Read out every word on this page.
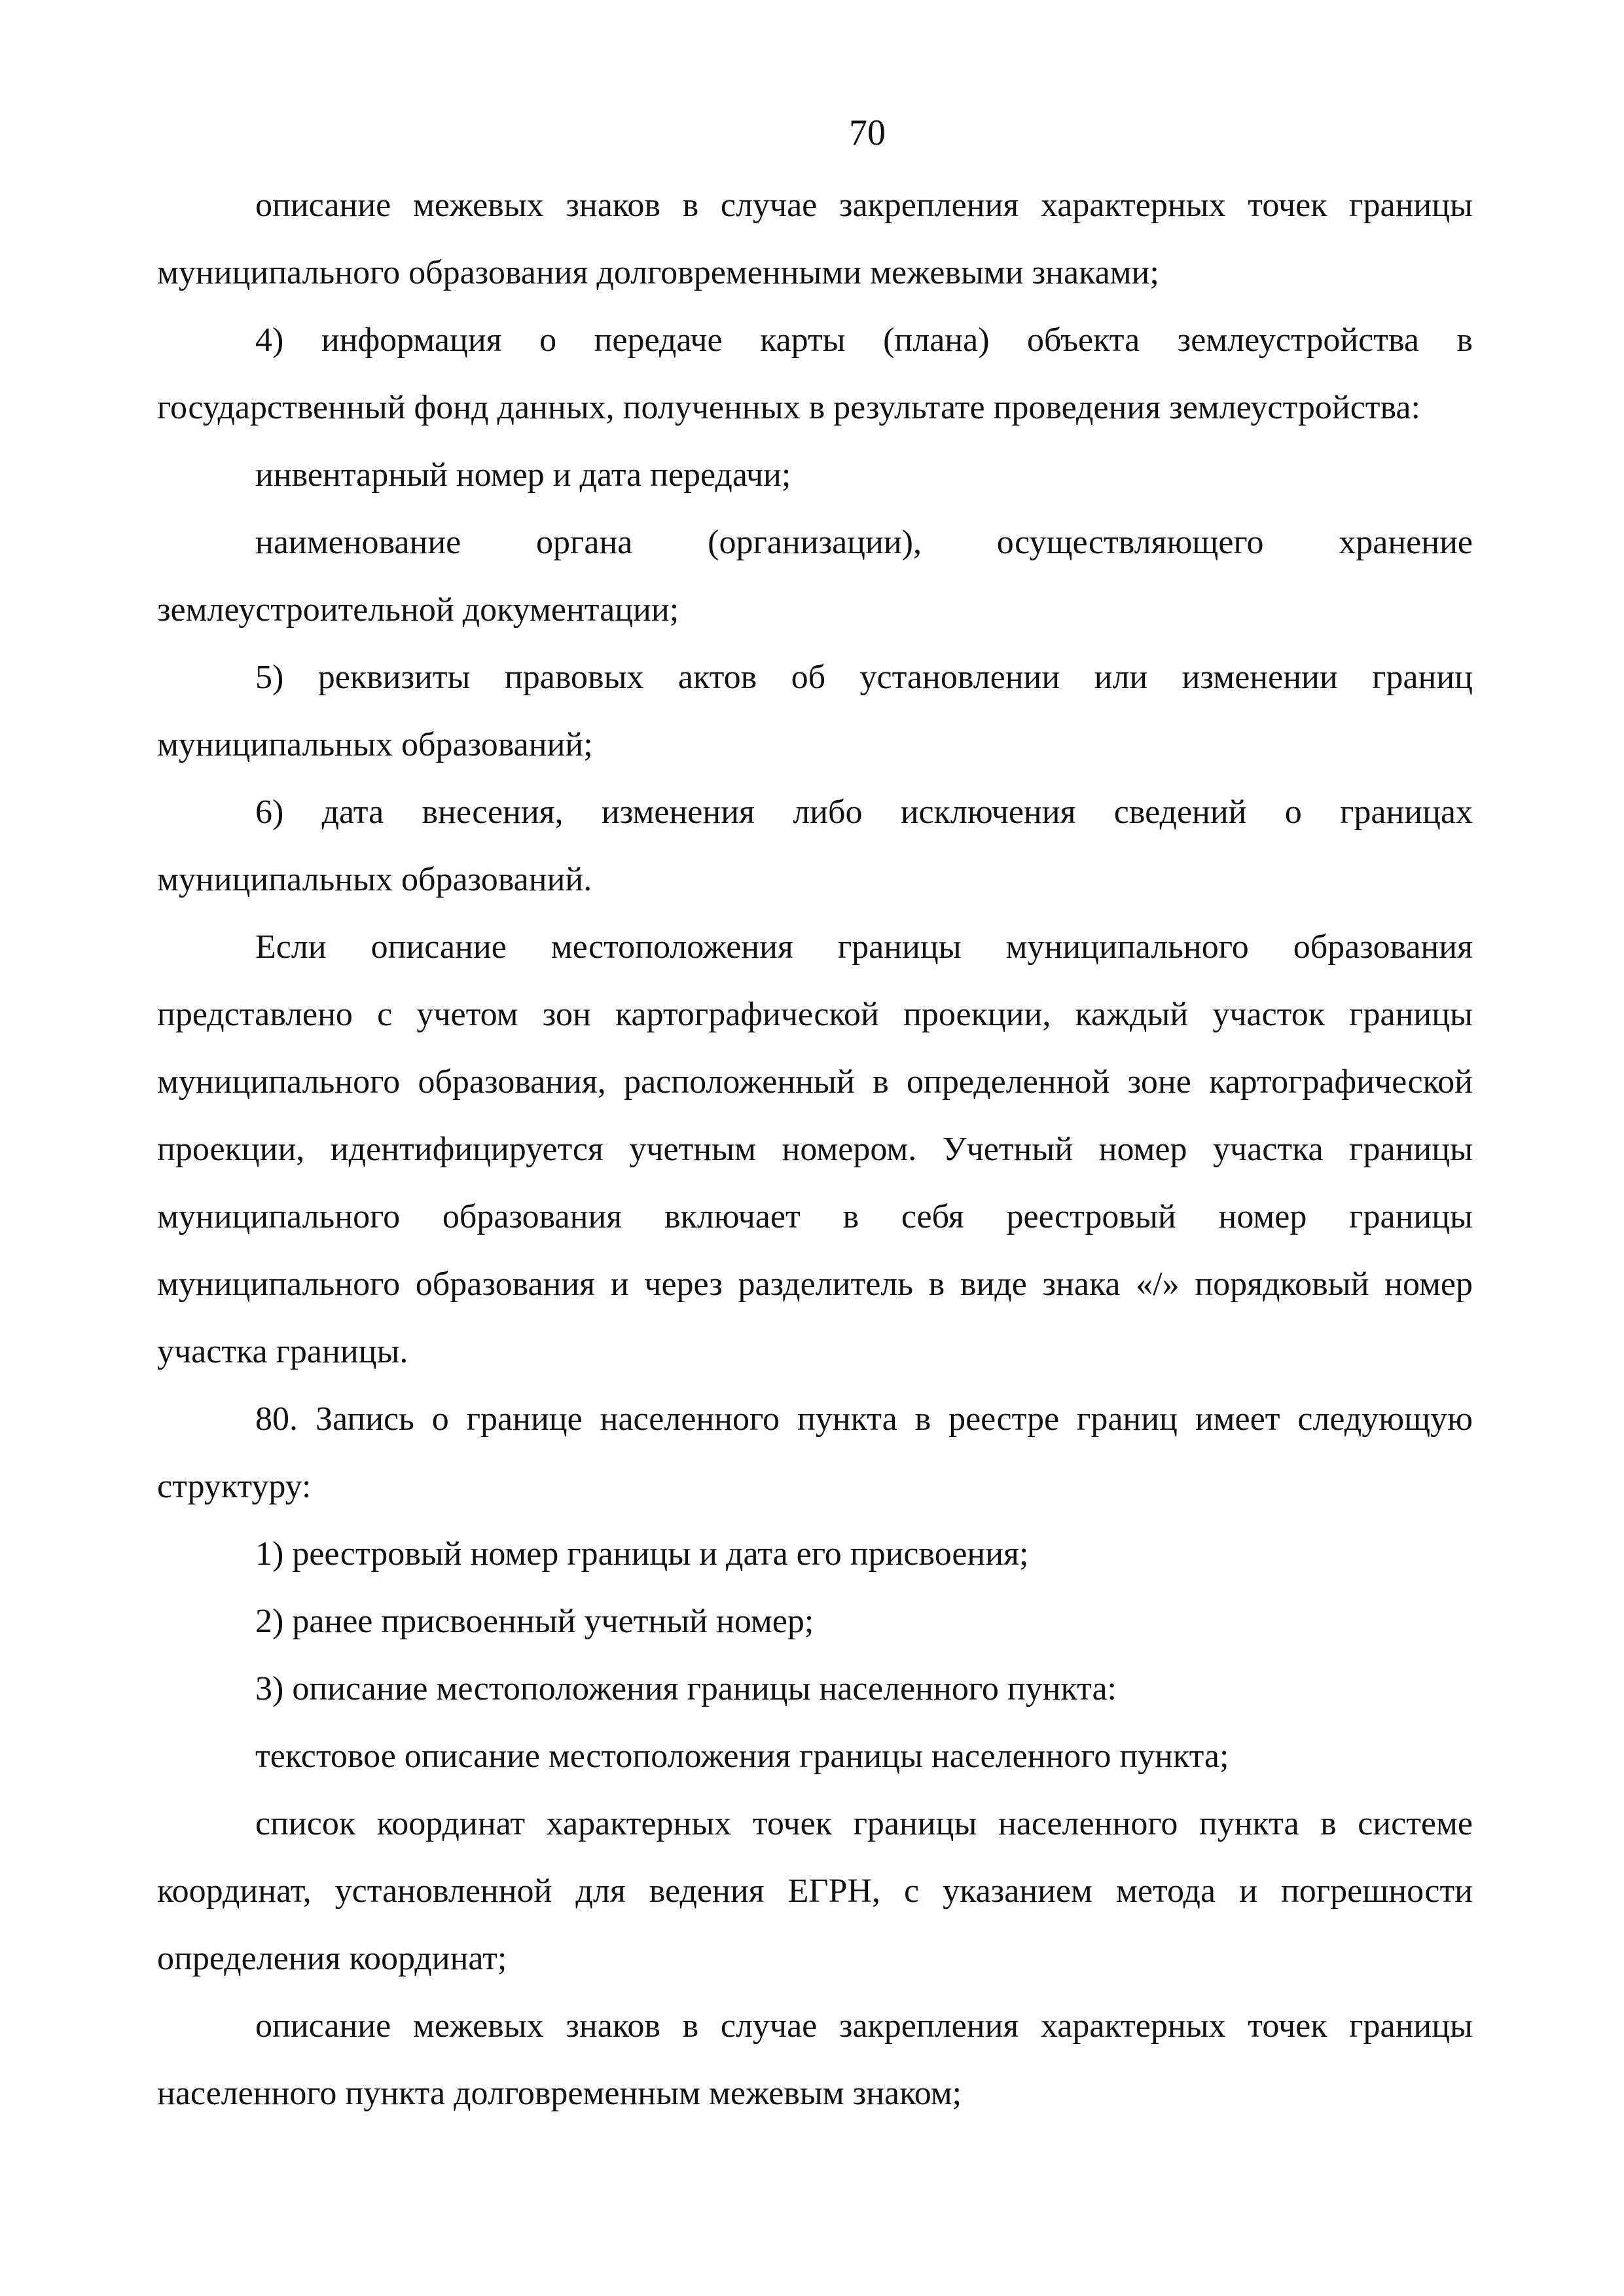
70

описание межевых знаков в случае закрепления характерных точек границы муниципального образования долговременными межевыми знаками;

4) информация о передаче карты (плана) объекта землеустройства в государственный фонд данных, полученных в результате проведения землеустройства:

инвентарный номер и дата передачи;

наименование органа (организации), осуществляющего хранение землеустроительной документации;

5) реквизиты правовых актов об установлении или изменении границ муниципальных образований;

6) дата внесения, изменения либо исключения сведений о границах муниципальных образований.

Если описание местоположения границы муниципального образования представлено с учетом зон картографической проекции, каждый участок границы муниципального образования, расположенный в определенной зоне картографической проекции, идентифицируется учетным номером. Учетный номер участка границы муниципального образования включает в себя реестровый номер границы муниципального образования и через разделитель в виде знака «/» порядковый номер участка границы.

80. Запись о границе населенного пункта в реестре границ имеет следующую структуру:

1) реестровый номер границы и дата его присвоения;

2) ранее присвоенный учетный номер;

3) описание местоположения границы населенного пункта:

текстовое описание местоположения границы населенного пункта;

список координат характерных точек границы населенного пункта в системе координат, установленной для ведения ЕГРН, с указанием метода и погрешности определения координат;

описание межевых знаков в случае закрепления характерных точек границы населенного пункта долговременным межевым знаком;
